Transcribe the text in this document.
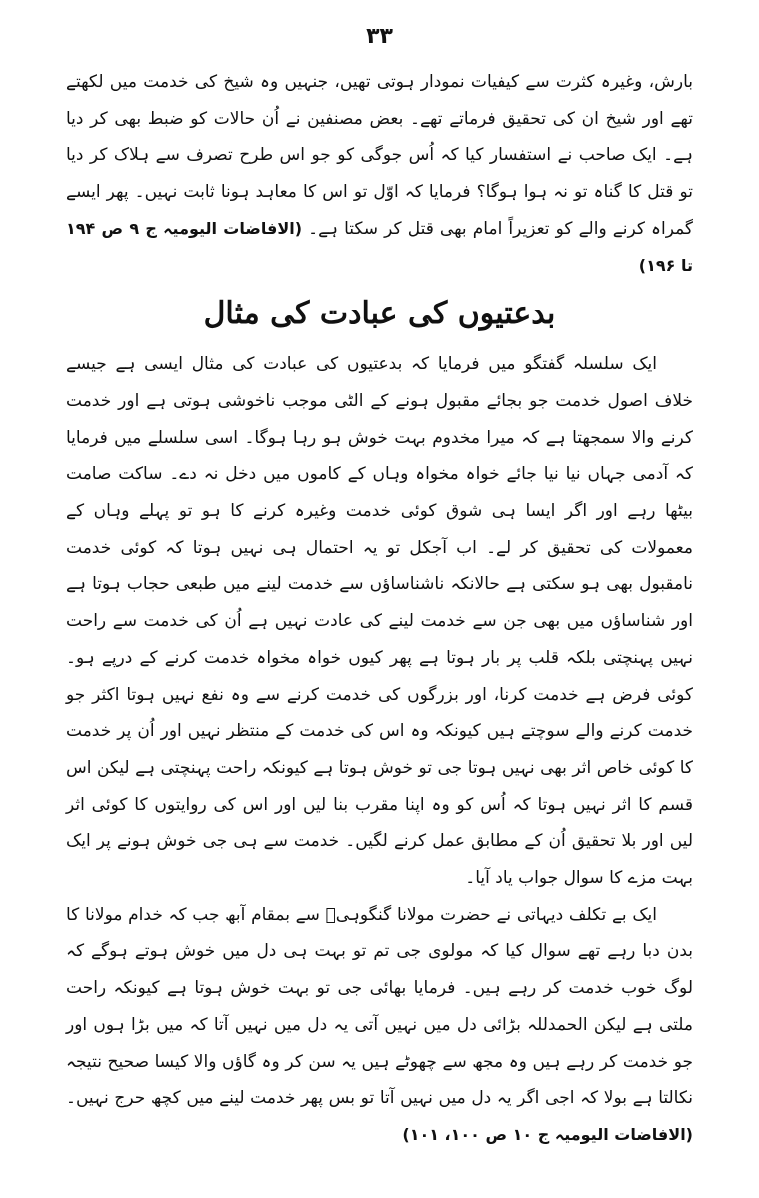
۳۳

بارش، وغیرہ کثرت سے کیفیات نمودار ہوتی تھیں، جنہیں وہ شیخ کی خدمت میں لکھتے تھے اور شیخ ان کی تحقیق فرماتے تھے۔ بعض مصنفین نے اُن حالات کو ضبط بھی کر دیا ہے۔ ایک صاحب نے استفسار کیا کہ اُس جوگی کو جو اس طرح تصرف سے ہلاک کر دیا تو قتل کا گناہ تو نہ ہوا ہوگا؟ فرمایا کہ اوّل تو اس کا معاہد ہونا ثابت نہیں۔ پھر ایسے گمراہ کرنے والے کو تعزیراً امام بھی قتل کر سکتا ہے۔ (الافاضات الیومیہ ج ۹ ص ۱۹۴ تا ۱۹۶)

بدعتیوں کی عبادت کی مثال

ایک سلسلہ گفتگو میں فرمایا کہ بدعتیوں کی عبادت کی مثال ایسی ہے جیسے خلاف اصول خدمت جو بجائے مقبول ہونے کے الٹی موجب ناخوشی ہوتی ہے اور خدمت کرنے والا سمجھتا ہے کہ میرا مخدوم بہت خوش ہو رہا ہوگا۔ اسی سلسلے میں فرمایا کہ آدمی جہاں نیا نیا جائے خواہ مخواہ وہاں کے کاموں میں دخل نہ دے۔ ساکت صامت بیٹھا رہے اور اگر ایسا ہی شوق کوئی خدمت وغیرہ کرنے کا ہو تو پہلے وہاں کے معمولات کی تحقیق کر لے۔ اب آجکل تو یہ احتمال ہی نہیں ہوتا کہ کوئی خدمت نامقبول بھی ہو سکتی ہے حالانکہ ناشناساؤں سے خدمت لینے میں طبعی حجاب ہوتا ہے اور شناساؤں میں بھی جن سے خدمت لینے کی عادت نہیں ہے اُن کی خدمت سے راحت نہیں پہنچتی بلکہ قلب پر بار ہوتا ہے پھر کیوں خواہ مخواہ خدمت کرنے کے درپے ہو۔ کوئی فرض ہے خدمت کرنا، اور بزرگوں کی خدمت کرنے سے وہ نفع نہیں ہوتا اکثر جو خدمت کرنے والے سوچتے ہیں کیونکہ وہ اس کی خدمت کے منتظر نہیں اور اُن پر خدمت کا کوئی خاص اثر بھی نہیں ہوتا جی تو خوش ہوتا ہے کیونکہ راحت پہنچتی ہے لیکن اس قسم کا اثر نہیں ہوتا کہ اُس کو وہ اپنا مقرب بنا لیں اور اس کی روایتوں کا کوئی اثر لیں اور بلا تحقیق اُن کے مطابق عمل کرنے لگیں۔ خدمت سے ہی جی خوش ہونے پر ایک بہت مزے کا سوال جواب یاد آیا۔

ایک بے تکلف دیہاتی نے حضرت مولانا گنگوہیؒ سے بمقام آبھ جب کہ خدام مولانا کا بدن دبا رہے تھے سوال کیا کہ مولوی جی تم تو بہت ہی دل میں خوش ہوتے ہوگے کہ لوگ خوب خدمت کر رہے ہیں۔ فرمایا بھائی جی تو بہت خوش ہوتا ہے کیونکہ راحت ملتی ہے لیکن الحمدللہ بڑائی دل میں نہیں آتی یہ دل میں نہیں آتا کہ میں بڑا ہوں اور جو خدمت کر رہے ہیں وہ مجھ سے چھوٹے ہیں یہ سن کر وہ گاؤں والا کیسا صحیح نتیجہ نکالتا ہے بولا کہ اجی اگر یہ دل میں نہیں آتا تو بس پھر خدمت لینے میں کچھ حرج نہیں۔ (الافاضات الیومیہ ج ۱۰ ص ۱۰۰، ۱۰۱)
